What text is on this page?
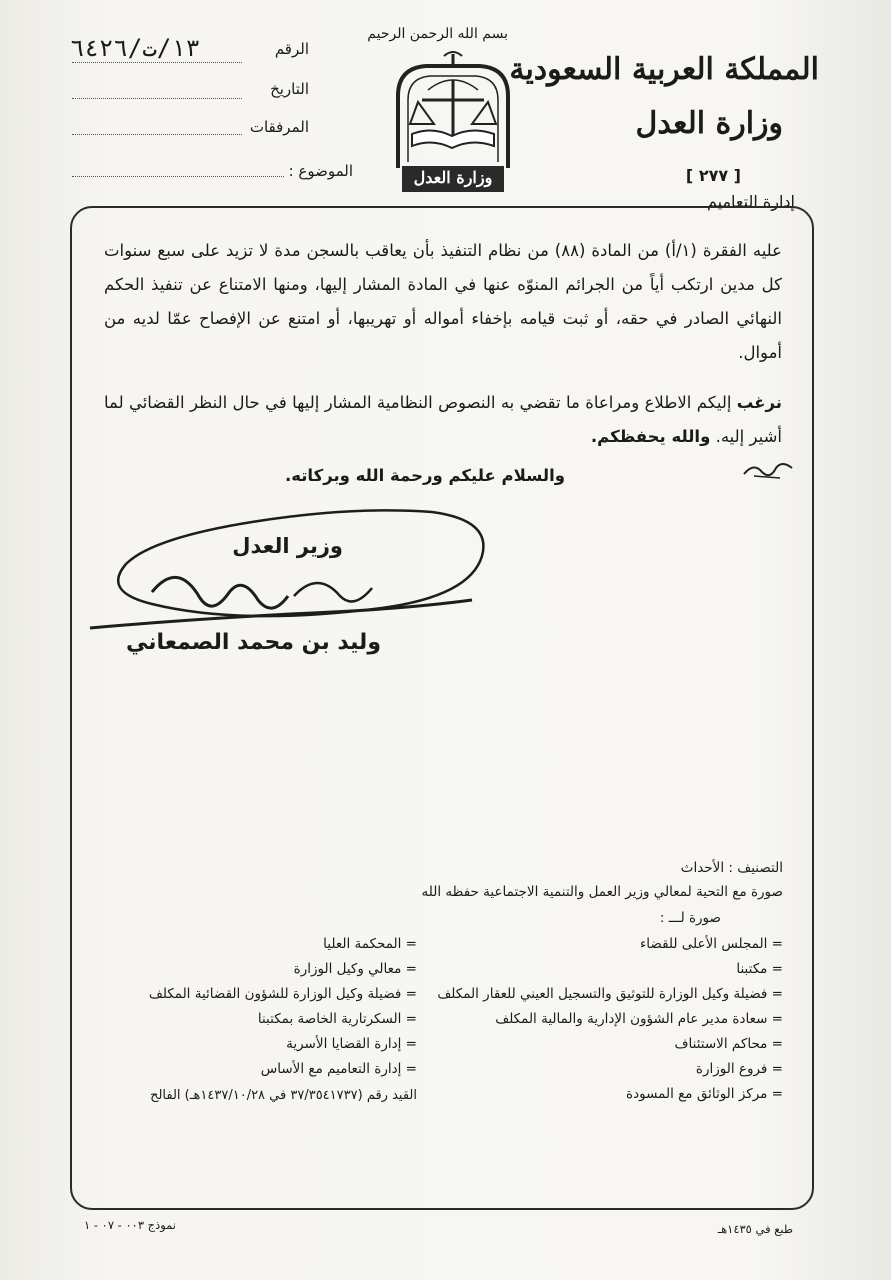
المملكة العربية السعودية
وزارة العدل
[ ٢٧٧ ]
إدارة التعاميم
بسم الله الرحمن الرحيم
وزارة العدل
الرقم
١٣/ت/٦٤٢٦
التاريخ
المرفقات
الموضوع :

عليه الفقرة (١/أ) من المادة (٨٨) من نظام التنفيذ بأن يعاقب بالسجن مدة لا تزيد على سبع سنوات كل مدين ارتكب أياً من الجرائم المنوّه عنها في المادة المشار إليها، ومنها الامتناع عن تنفيذ الحكم النهائي الصادر في حقه، أو ثبت قيامه بإخفاء أمواله أو تهريبها، أو امتنع عن الإفصاح عمّا لديه من أموال.

نرغب إليكم الاطلاع ومراعاة ما تقضي به النصوص النظامية المشار إليها في حال النظر القضائي لما أشير إليه. والله يحفظكم.

والسلام عليكم ورحمة الله وبركاته.
وزير العدل
وليد بن محمد الصمعاني
التصنيف : الأحداث
صورة مع التحية لمعالي وزير العمل والتنمية الاجتماعية حفظه الله
صورة لـــ :
= المجلس الأعلى للقضاء
= مكتبنا
= فضيلة وكيل الوزارة للتوثيق والتسجيل العيني للعقار المكلف
= سعادة مدير عام الشؤون الإدارية والمالية المكلف
= محاكم الاستئناف
= فروع الوزارة
= مركز الوثائق مع المسودة
= المحكمة العليا
= معالي وكيل الوزارة
= فضيلة وكيل الوزارة للشؤون القضائية المكلف
= السكرتارية الخاصة بمكتبنا
= إدارة القضايا الأسرية
= إدارة التعاميم مع الأساس
القيد رقم (٣٧/٣٥٤١٧٣٧ في ١٤٣٧/١٠/٢٨هـ) الفالح
طبع في ١٤٣٥هـ
نموذج ٠٠٣ - ٠٧ - ١
